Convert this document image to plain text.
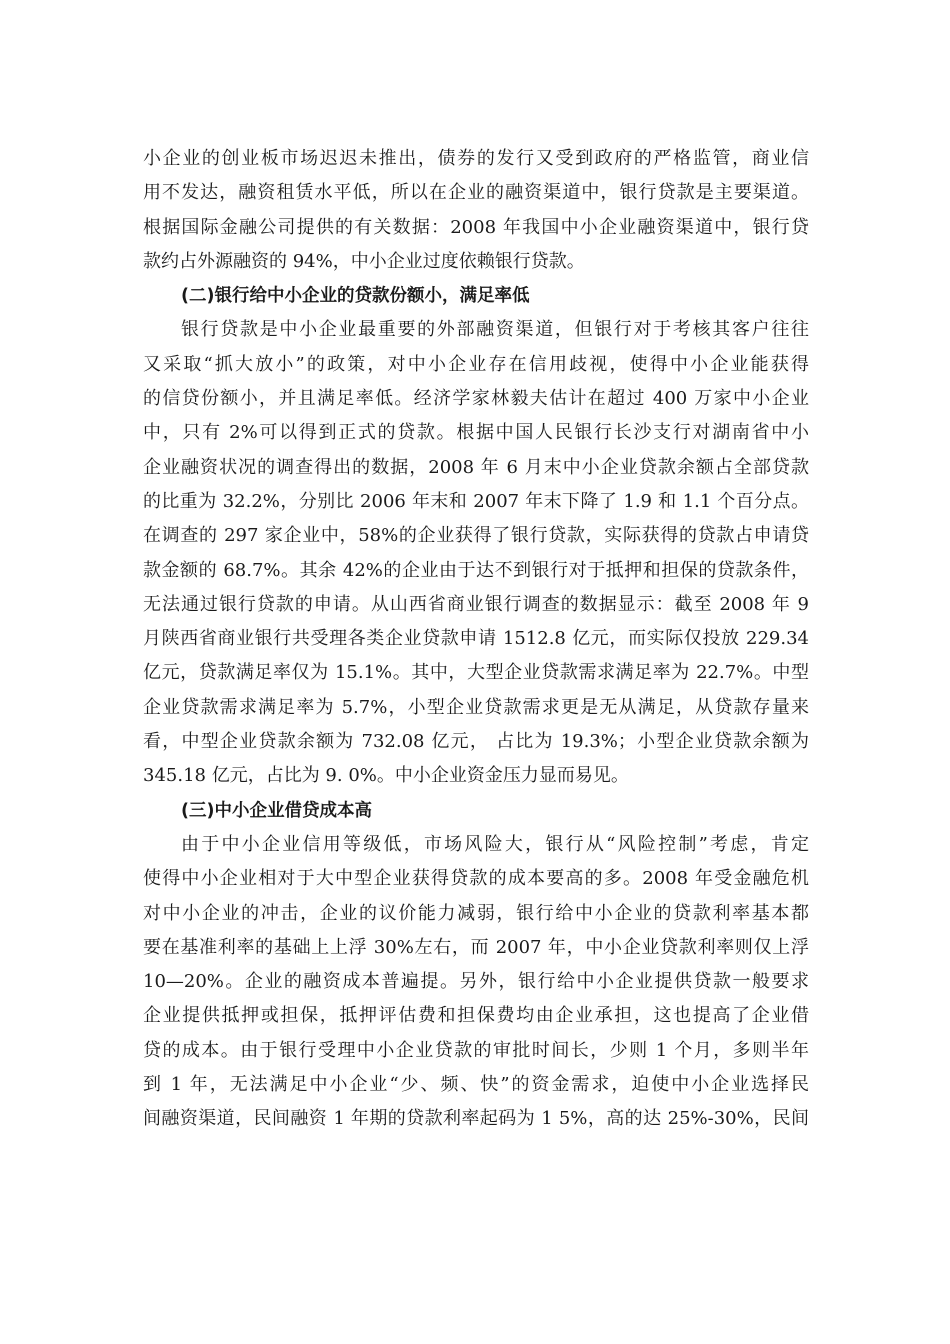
小企业的创业板市场迟迟未推出，债券的发行又受到政府的严格监管，商业信
用不发达，融资租赁水平低，所以在企业的融资渠道中，银行贷款是主要渠道。
根据国际金融公司提供的有关数据：2008 年我国中小企业融资渠道中，银行贷
款约占外源融资的 94%，中小企业过度依赖银行贷款。
(二)银行给中小企业的贷款份额小，满足率低
银行贷款是中小企业最重要的外部融资渠道，但银行对于考核其客户往往
又采取“抓大放小”的政策，对中小企业存在信用歧视，使得中小企业能获得
的信贷份额小，并且满足率低。经济学家林毅夫估计在超过 400 万家中小企业
中，只有 2%可以得到正式的贷款。根据中国人民银行长沙支行对湖南省中小
企业融资状况的调查得出的数据，2008 年 6 月末中小企业贷款余额占全部贷款
的比重为 32.2%，分别比 2006 年末和 2007 年末下降了 1.9 和 1.1 个百分点。
在调查的 297 家企业中，58%的企业获得了银行贷款，实际获得的贷款占申请贷
款金额的 68.7%。其余 42%的企业由于达不到银行对于抵押和担保的贷款条件，
无法通过银行贷款的申请。从山西省商业银行调查的数据显示：截至 2008 年 9
月陕西省商业银行共受理各类企业贷款申请 1512.8 亿元，而实际仅投放 229.34
亿元，贷款满足率仅为 15.1%。其中，大型企业贷款需求满足率为 22.7%。中型
企业贷款需求满足率为 5.7%，小型企业贷款需求更是无从满足，从贷款存量来
看，中型企业贷款余额为 732.08 亿元， 占比为 19.3%；小型企业贷款余额为
345.18 亿元，占比为 9. 0%。中小企业资金压力显而易见。
(三)中小企业借贷成本高
由于中小企业信用等级低，市场风险大，银行从“风险控制”考虑，肯定
使得中小企业相对于大中型企业获得贷款的成本要高的多。2008 年受金融危机
对中小企业的冲击，企业的议价能力减弱，银行给中小企业的贷款利率基本都
要在基准利率的基础上上浮 30%左右，而 2007 年，中小企业贷款利率则仅上浮
10—20%。企业的融资成本普遍提。另外，银行给中小企业提供贷款一般要求
企业提供抵押或担保，抵押评估费和担保费均由企业承担，这也提高了企业借
贷的成本。由于银行受理中小企业贷款的审批时间长，少则 1 个月，多则半年
到 1 年，无法满足中小企业“少、频、快”的资金需求，迫使中小企业选择民
间融资渠道，民间融资 1 年期的贷款利率起码为 1 5%，高的达 25%-30%，民间
